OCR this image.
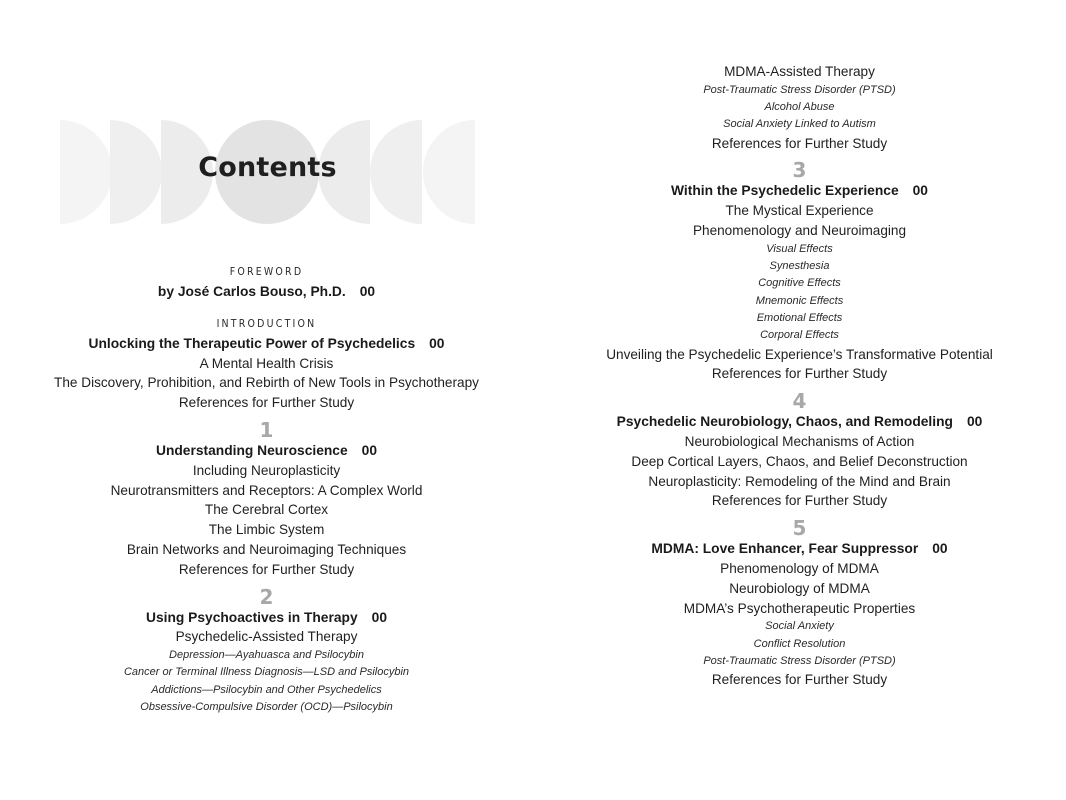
Contents
FOREWORD
by José Carlos Bouso, Ph.D. 00
INTRODUCTION
Unlocking the Therapeutic Power of Psychedelics 00
A Mental Health Crisis
The Discovery, Prohibition, and Rebirth of New Tools in Psychotherapy
References for Further Study
1
Understanding Neuroscience 00
Including Neuroplasticity
Neurotransmitters and Receptors: A Complex World
The Cerebral Cortex
The Limbic System
Brain Networks and Neuroimaging Techniques
References for Further Study
2
Using Psychoactives in Therapy 00
Psychedelic-Assisted Therapy
Depression—Ayahuasca and Psilocybin
Cancer or Terminal Illness Diagnosis—LSD and Psilocybin
Addictions—Psilocybin and Other Psychedelics
Obsessive-Compulsive Disorder (OCD)—Psilocybin
MDMA-Assisted Therapy
Post-Traumatic Stress Disorder (PTSD)
Alcohol Abuse
Social Anxiety Linked to Autism
References for Further Study
3
Within the Psychedelic Experience 00
The Mystical Experience
Phenomenology and Neuroimaging
Visual Effects
Synesthesia
Cognitive Effects
Mnemonic Effects
Emotional Effects
Corporal Effects
Unveiling the Psychedelic Experience’s Transformative Potential
References for Further Study
4
Psychedelic Neurobiology, Chaos, and Remodeling 00
Neurobiological Mechanisms of Action
Deep Cortical Layers, Chaos, and Belief Deconstruction
Neuroplasticity: Remodeling of the Mind and Brain
References for Further Study
5
MDMA: Love Enhancer, Fear Suppressor 00
Phenomenology of MDMA
Neurobiology of MDMA
MDMA’s Psychotherapeutic Properties
Social Anxiety
Conflict Resolution
Post-Traumatic Stress Disorder (PTSD)
References for Further Study
